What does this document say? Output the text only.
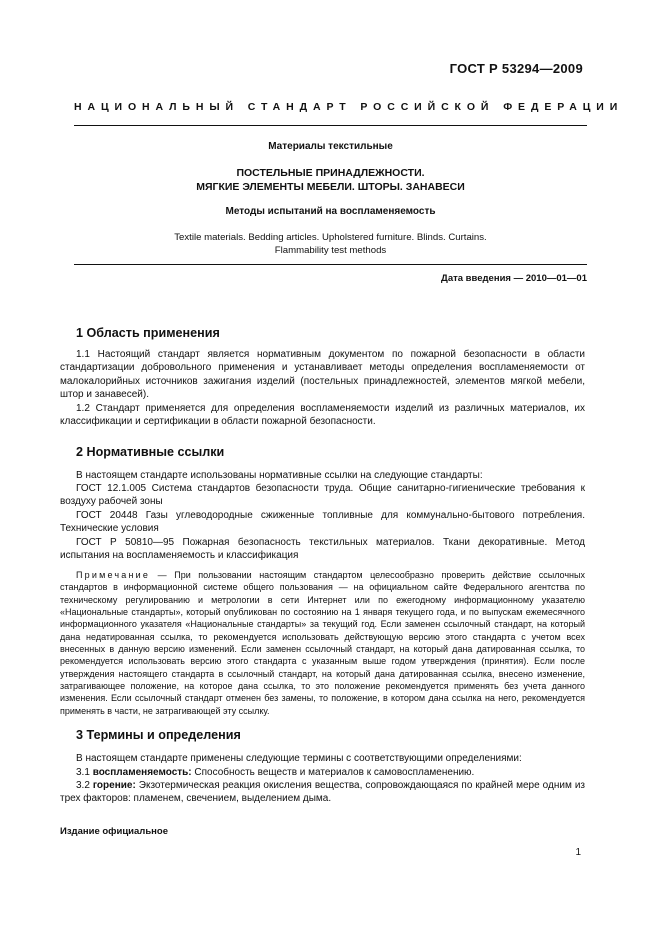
ГОСТ Р 53294—2009
НАЦИОНАЛЬНЫЙ СТАНДАРТ РОССИЙСКОЙ ФЕДЕРАЦИИ
Материалы текстильные
ПОСТЕЛЬНЫЕ ПРИНАДЛЕЖНОСТИ.
МЯГКИЕ ЭЛЕМЕНТЫ МЕБЕЛИ. ШТОРЫ. ЗАНАВЕСИ
Методы испытаний на воспламеняемость
Textile materials. Bedding articles. Upholstered furniture. Blinds. Curtains.
Flammability test methods
Дата введения — 2010—01—01
1 Область применения

1.1 Настоящий стандарт является нормативным документом по пожарной безопасности в области стандартизации добровольного применения и устанавливает методы определения воспламеняемости от малокалорийных источников зажигания изделий (постельных принадлежностей, элементов мягкой мебели, штор и занавесей).

1.2 Стандарт применяется для определения воспламеняемости изделий из различных материалов, их классификации и сертификации в области пожарной безопасности.

2 Нормативные ссылки

В настоящем стандарте использованы нормативные ссылки на следующие стандарты:

ГОСТ 12.1.005 Система стандартов безопасности труда. Общие санитарно-гигиенические требования к воздуху рабочей зоны

ГОСТ 20448 Газы углеводородные сжиженные топливные для коммунально-бытового потребления. Технические условия

ГОСТ Р 50810—95 Пожарная безопасность текстильных материалов. Ткани декоративные. Метод испытания на воспламеняемость и классификация

Примечание — При пользовании настоящим стандартом целесообразно проверить действие ссылочных стандартов в информационной системе общего пользования — на официальном сайте Федерального агентства по техническому регулированию и метрологии в сети Интернет или по ежегодному информационному указателю «Национальные стандарты», который опубликован по состоянию на 1 января текущего года, и по выпускам ежемесячного информационного указателя «Национальные стандарты» за текущий год. Если заменен ссылочный стандарт, на который дана недатированная ссылка, то рекомендуется использовать действующую версию этого стандарта с учетом всех внесенных в данную версию изменений. Если заменен ссылочный стандарт, на который дана датированная ссылка, то рекомендуется использовать версию этого стандарта с указанным выше годом утверждения (принятия). Если после утверждения настоящего стандарта в ссылочный стандарт, на который дана датированная ссылка, внесено изменение, затрагивающее положение, на которое дана ссылка, то это положение рекомендуется применять без учета данного изменения. Если ссылочный стандарт отменен без замены, то положение, в котором дана ссылка на него, рекомендуется применять в части, не затрагивающей эту ссылку.
3 Термины и определения

В настоящем стандарте применены следующие термины с соответствующими определениями:

3.1 воспламеняемость: Способность веществ и материалов к самовоспламенению.

3.2 горение: Экзотермическая реакция окисления вещества, сопровождающаяся по крайней мере одним из трех факторов: пламенем, свечением, выделением дыма.

Издание официальное
1
